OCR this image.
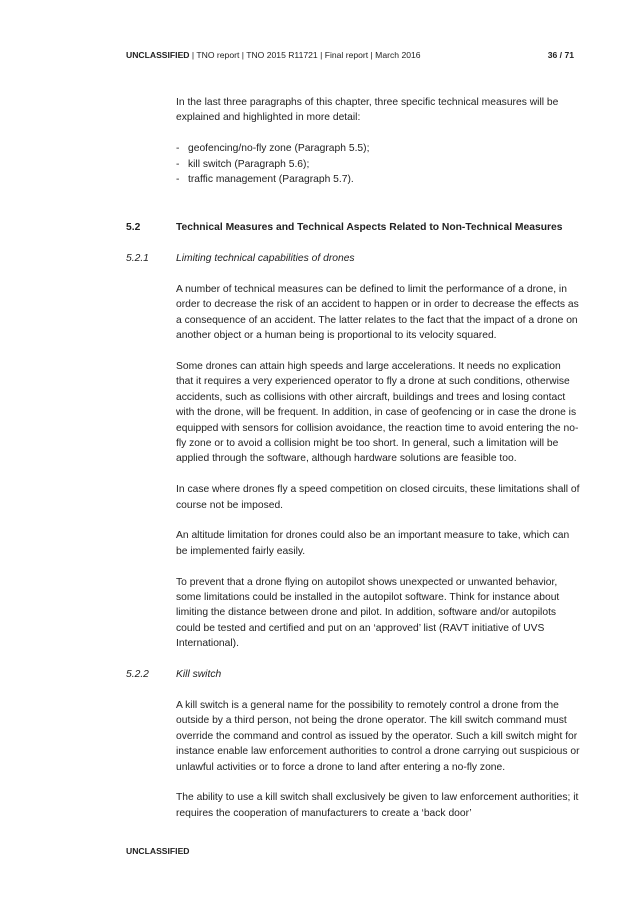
UNCLASSIFIED | TNO report | TNO 2015 R11721 | Final report | March 2016	36 / 71

In the last three paragraphs of this chapter, three specific technical measures will be explained and highlighted in more detail:

- geofencing/no-fly zone (Paragraph 5.5);
- kill switch (Paragraph 5.6);
- traffic management (Paragraph 5.7).
5.2	Technical Measures and Technical Aspects Related to Non-Technical Measures
5.2.1	Limiting technical capabilities of drones

A number of technical measures can be defined to limit the performance of a drone, in order to decrease the risk of an accident to happen or in order to decrease the effects as a consequence of an accident. The latter relates to the fact that the impact of a drone on another object or a human being is proportional to its velocity squared.

Some drones can attain high speeds and large accelerations. It needs no explication that it requires a very experienced operator to fly a drone at such conditions, otherwise accidents, such as collisions with other aircraft, buildings and trees and losing contact with the drone, will be frequent. In addition, in case of geofencing or in case the drone is equipped with sensors for collision avoidance, the reaction time to avoid entering the no-fly zone or to avoid a collision might be too short. In general, such a limitation will be applied through the software, although hardware solutions are feasible too.

In case where drones fly a speed competition on closed circuits, these limitations shall of course not be imposed.

An altitude limitation for drones could also be an important measure to take, which can be implemented fairly easily.

To prevent that a drone flying on autopilot shows unexpected or unwanted behavior, some limitations could be installed in the autopilot software. Think for instance about limiting the distance between drone and pilot. In addition, software and/or autopilots could be tested and certified and put on an ‘approved’ list (RAVT initiative of UVS International).

5.2.2	Kill switch

A kill switch is a general name for the possibility to remotely control a drone from the outside by a third person, not being the drone operator. The kill switch command must override the command and control as issued by the operator. Such a kill switch might for instance enable law enforcement authorities to control a drone carrying out suspicious or unlawful activities or to force a drone to land after entering a no-fly zone.

The ability to use a kill switch shall exclusively be given to law enforcement authorities; it requires the cooperation of manufacturers to create a ‘back door’

UNCLASSIFIED
